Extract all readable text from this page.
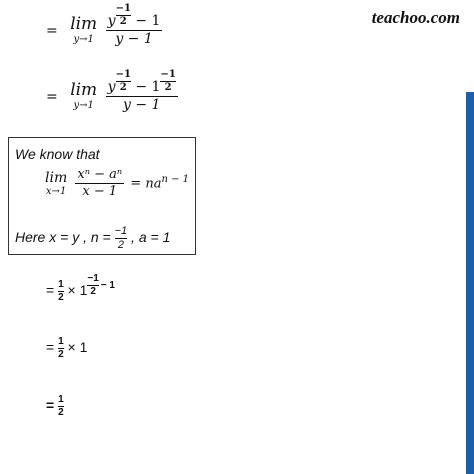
teachoo.com
= lim
y→1
$\frac{y \frac{-1}{2} - 1}{y - 1}$
= lim
y→1
$\frac{y \frac{-1}{2} - 1 \frac{-1}{2}}{y - 1}$
We know that
lim
x→1
$\frac{\text{xⁿ − aⁿ}}{x - 1} = na^{n - 1}$
Here x = y , $n = \frac{-1}{2}$ , a = 1
= $\frac{1}{2} \times 1 \frac{-1}{2} ^{- 1}$
= $\frac{1}{2} \times 1$
= $\frac{1}{2}$
